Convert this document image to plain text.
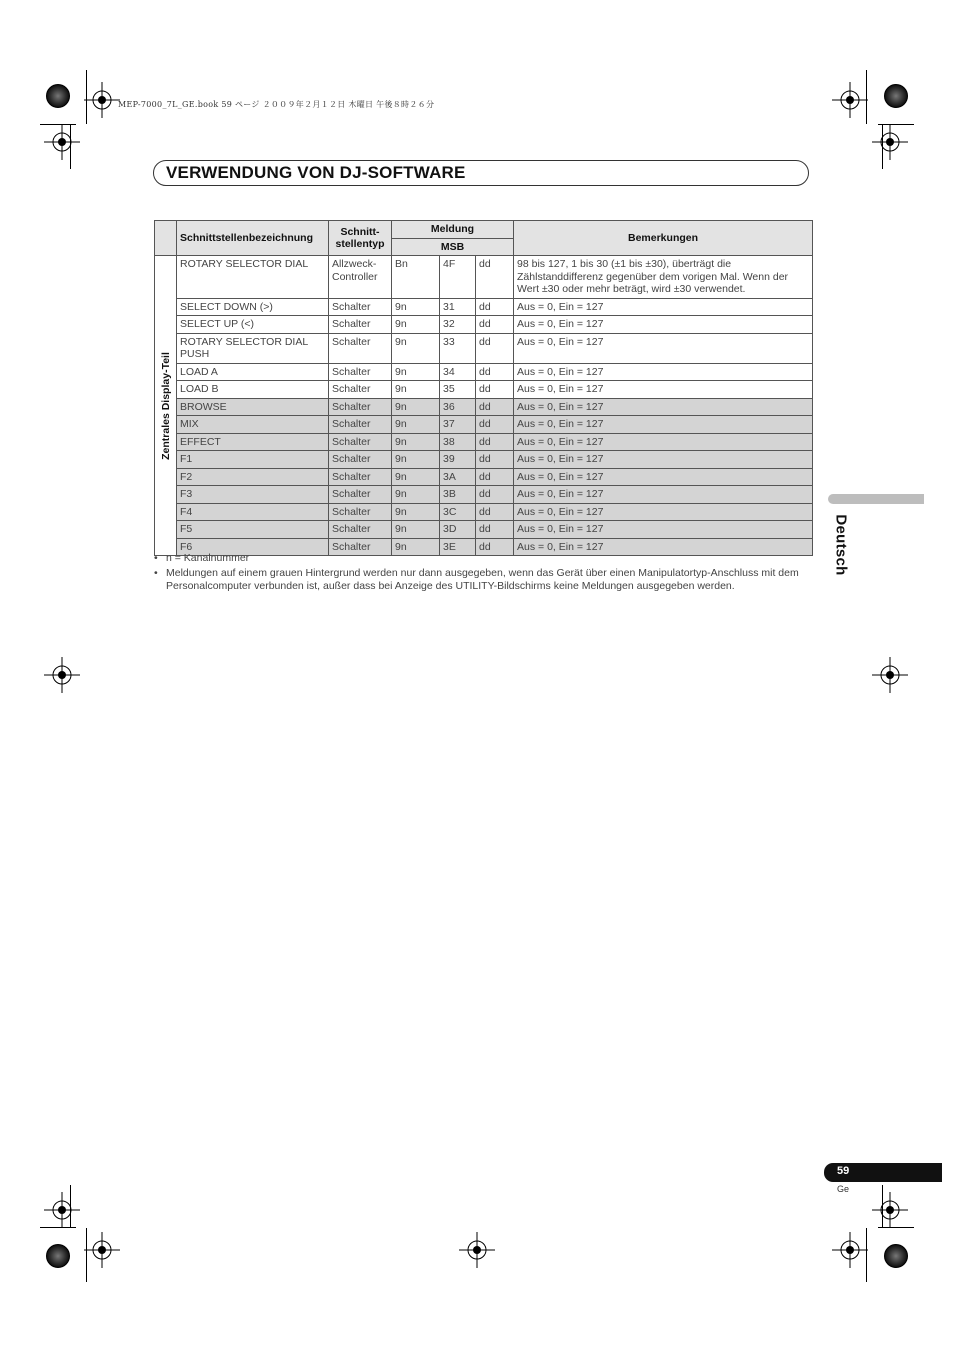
MEP-7000_7L_GE.book 59 ページ ２００９年２月１２日 木曜日 午後８時２６分
VERWENDUNG VON DJ-SOFTWARE
	Schnittstellenbezeichnung	Schnitt- stellentyp	Meldung			Bemerkungen
			MSB			

Zentrales Display-Teil	ROTARY SELECTOR DIAL	Allzweck-Controller	Bn	4F	dd	98 bis 127, 1 bis 30 (±1 bis ±30), überträgt die Zählstanddifferenz gegenüber dem vorigen Mal. Wenn der Wert ±30 oder mehr beträgt, wird ±30 verwendet.
	SELECT DOWN (>)	Schalter	9n	31	dd	Aus = 0, Ein = 127
	SELECT UP (<)	Schalter	9n	32	dd	Aus = 0, Ein = 127
	ROTARY SELECTOR DIAL PUSH	Schalter	9n	33	dd	Aus = 0, Ein = 127
	LOAD A	Schalter	9n	34	dd	Aus = 0, Ein = 127
	LOAD B	Schalter	9n	35	dd	Aus = 0, Ein = 127
	BROWSE	Schalter	9n	36	dd	Aus = 0, Ein = 127
	MIX	Schalter	9n	37	dd	Aus = 0, Ein = 127
	EFFECT	Schalter	9n	38	dd	Aus = 0, Ein = 127
	F1	Schalter	9n	39	dd	Aus = 0, Ein = 127
	F2	Schalter	9n	3A	dd	Aus = 0, Ein = 127
	F3	Schalter	9n	3B	dd	Aus = 0, Ein = 127
	F4	Schalter	9n	3C	dd	Aus = 0, Ein = 127
	F5	Schalter	9n	3D	dd	Aus = 0, Ein = 127
	F6	Schalter	9n	3E	dd	Aus = 0, Ein = 127
• n = Kanalnummer
• Meldungen auf einem grauen Hintergrund werden nur dann ausgegeben, wenn das Gerät über einen Manipulatortyp-Anschluss mit dem Personalcomputer verbunden ist, außer dass bei Anzeige des UTILITY-Bildschirms keine Meldungen ausgegeben werden.
Deutsch
59
Ge
